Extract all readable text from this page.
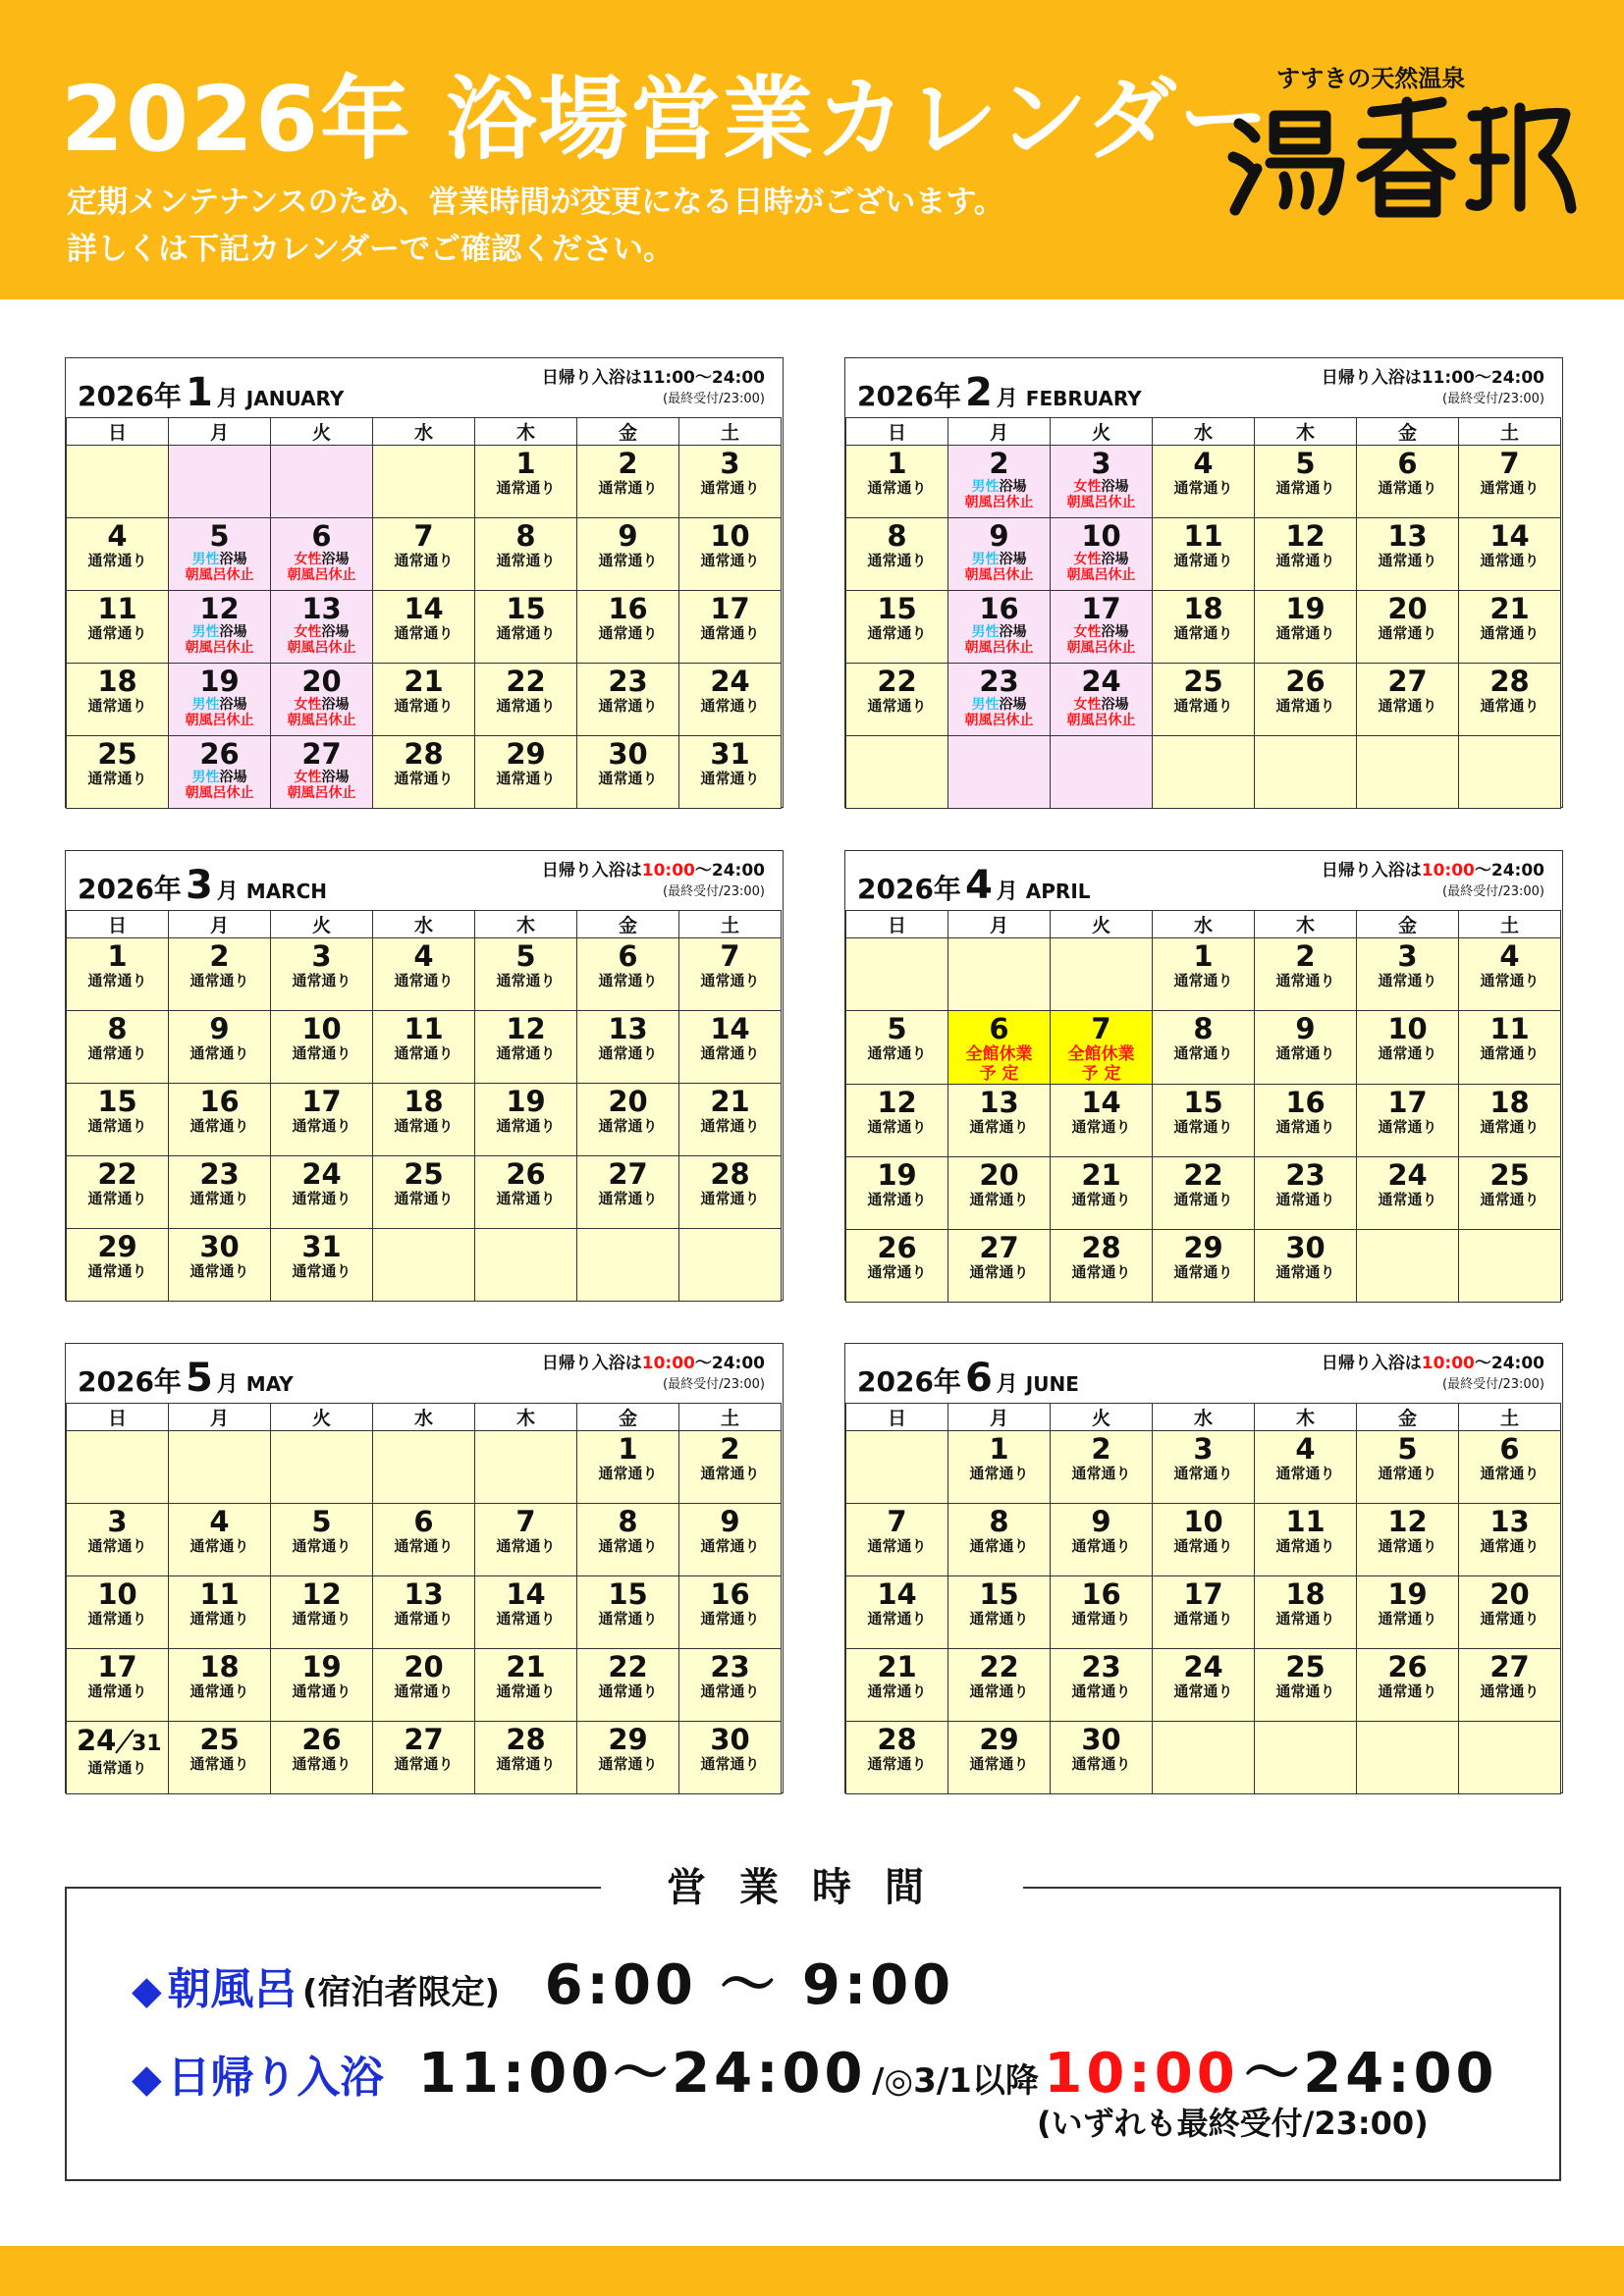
2026年 浴場営業カレンダー
定期メンテナンスのため、営業時間が変更になる日時がございます。
詳しくは下記カレンダーでご確認ください。
すすきの天然温泉
2026年 1 月 JANUARY
日帰り入浴は11:00〜24:00
(最終受付/23:00)
日	月	火	水	木	金	土

				1
通常通り	2
通常通り	3
通常通り

4
通常通り	5
男性浴場
朝風呂休止	6
女性浴場
朝風呂休止	7
通常通り	8
通常通り	9
通常通り	10
通常通り

11
通常通り	12
男性浴場
朝風呂休止	13
女性浴場
朝風呂休止	14
通常通り	15
通常通り	16
通常通り	17
通常通り

18
通常通り	19
男性浴場
朝風呂休止	20
女性浴場
朝風呂休止	21
通常通り	22
通常通り	23
通常通り	24
通常通り

25
通常通り	26
男性浴場
朝風呂休止	27
女性浴場
朝風呂休止	28
通常通り	29
通常通り	30
通常通り	31
通常通り
2026年 2 月 FEBRUARY
日帰り入浴は11:00〜24:00
(最終受付/23:00)
日	月	火	水	木	金	土

1
通常通り	2
男性浴場
朝風呂休止	3
女性浴場
朝風呂休止	4
通常通り	5
通常通り	6
通常通り	7
通常通り

8
通常通り	9
男性浴場
朝風呂休止	10
女性浴場
朝風呂休止	11
通常通り	12
通常通り	13
通常通り	14
通常通り

15
通常通り	16
男性浴場
朝風呂休止	17
女性浴場
朝風呂休止	18
通常通り	19
通常通り	20
通常通り	21
通常通り

22
通常通り	23
男性浴場
朝風呂休止	24
女性浴場
朝風呂休止	25
通常通り	26
通常通り	27
通常通り	28
通常通り

2026年 3 月 MARCH
日帰り入浴は10:00〜24:00
(最終受付/23:00)
日	月	火	水	木	金	土

1
通常通り	2
通常通り	3
通常通り	4
通常通り	5
通常通り	6
通常通り	7
通常通り

8
通常通り	9
通常通り	10
通常通り	11
通常通り	12
通常通り	13
通常通り	14
通常通り

15
通常通り	16
通常通り	17
通常通り	18
通常通り	19
通常通り	20
通常通り	21
通常通り

22
通常通り	23
通常通り	24
通常通り	25
通常通り	26
通常通り	27
通常通り	28
通常通り

29
通常通り	30
通常通り	31
通常通り				

2026年 4 月 APRIL
日帰り入浴は10:00〜24:00
(最終受付/23:00)
日	月	火	水	木	金	土

			1
通常通り	2
通常通り	3
通常通り	4
通常通り

5
通常通り	6
全館休業
予 定	7
全館休業
予 定	8
通常通り	9
通常通り	10
通常通り	11
通常通り

12
通常通り	13
通常通り	14
通常通り	15
通常通り	16
通常通り	17
通常通り	18
通常通り

19
通常通り	20
通常通り	21
通常通り	22
通常通り	23
通常通り	24
通常通り	25
通常通り

26
通常通り	27
通常通り	28
通常通り	29
通常通り	30
通常通り		

2026年 5 月 MAY
日帰り入浴は10:00〜24:00
(最終受付/23:00)
日	月	火	水	木	金	土

					1
通常通り	2
通常通り

3
通常通り	4
通常通り	5
通常通り	6
通常通り	7
通常通り	8
通常通り	9
通常通り

10
通常通り	11
通常通り	12
通常通り	13
通常通り	14
通常通り	15
通常通り	16
通常通り

17
通常通り	18
通常通り	19
通常通り	20
通常通り	21
通常通り	22
通常通り	23
通常通り

24 31
通常通り	25
通常通り	26
通常通り	27
通常通り	28
通常通り	29
通常通り	30
通常通り
2026年 6 月 JUNE
日帰り入浴は10:00〜24:00
(最終受付/23:00)
日	月	火	水	木	金	土

	1
通常通り	2
通常通り	3
通常通り	4
通常通り	5
通常通り	6
通常通り

7
通常通り	8
通常通り	9
通常通り	10
通常通り	11
通常通り	12
通常通り	13
通常通り

14
通常通り	15
通常通り	16
通常通り	17
通常通り	18
通常通り	19
通常通り	20
通常通り

21
通常通り	22
通常通り	23
通常通り	24
通常通り	25
通常通り	26
通常通り	27
通常通り

28
通常通り	29
通常通り	30
通常通り				

営業時間
◆ 朝風呂 (宿泊者限定) 6:00 〜 9:00
◆ 日帰り入浴 11:00〜24:00 /◎3/1以降 10:00 〜24:00
(いずれも最終受付/23:00)
